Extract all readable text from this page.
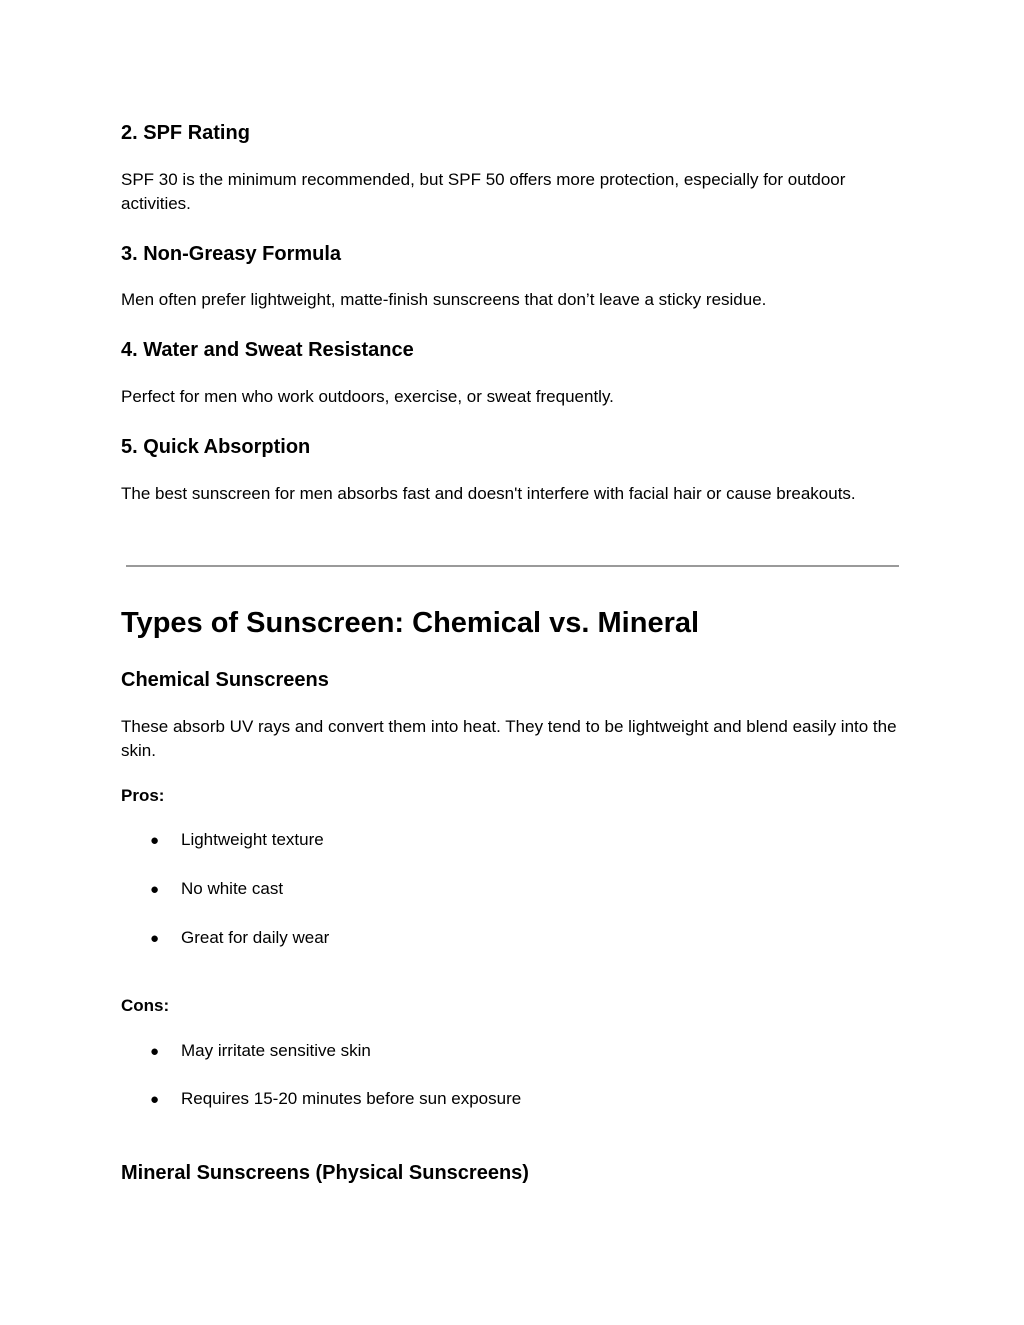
2. SPF Rating

SPF 30 is the minimum recommended, but SPF 50 offers more protection, especially for outdoor activities.

3. Non-Greasy Formula

Men often prefer lightweight, matte-finish sunscreens that don’t leave a sticky residue.

4. Water and Sweat Resistance

Perfect for men who work outdoors, exercise, or sweat frequently.

5. Quick Absorption

The best sunscreen for men absorbs fast and doesn't interfere with facial hair or cause breakouts.

Types of Sunscreen: Chemical vs. Mineral
Chemical Sunscreens

These absorb UV rays and convert them into heat. They tend to be lightweight and blend easily into the skin.

Pros:
● Lightweight texture
● No white cast
● Great for daily wear
Cons:
● May irritate sensitive skin
● Requires 15-20 minutes before sun exposure
Mineral Sunscreens (Physical Sunscreens)
